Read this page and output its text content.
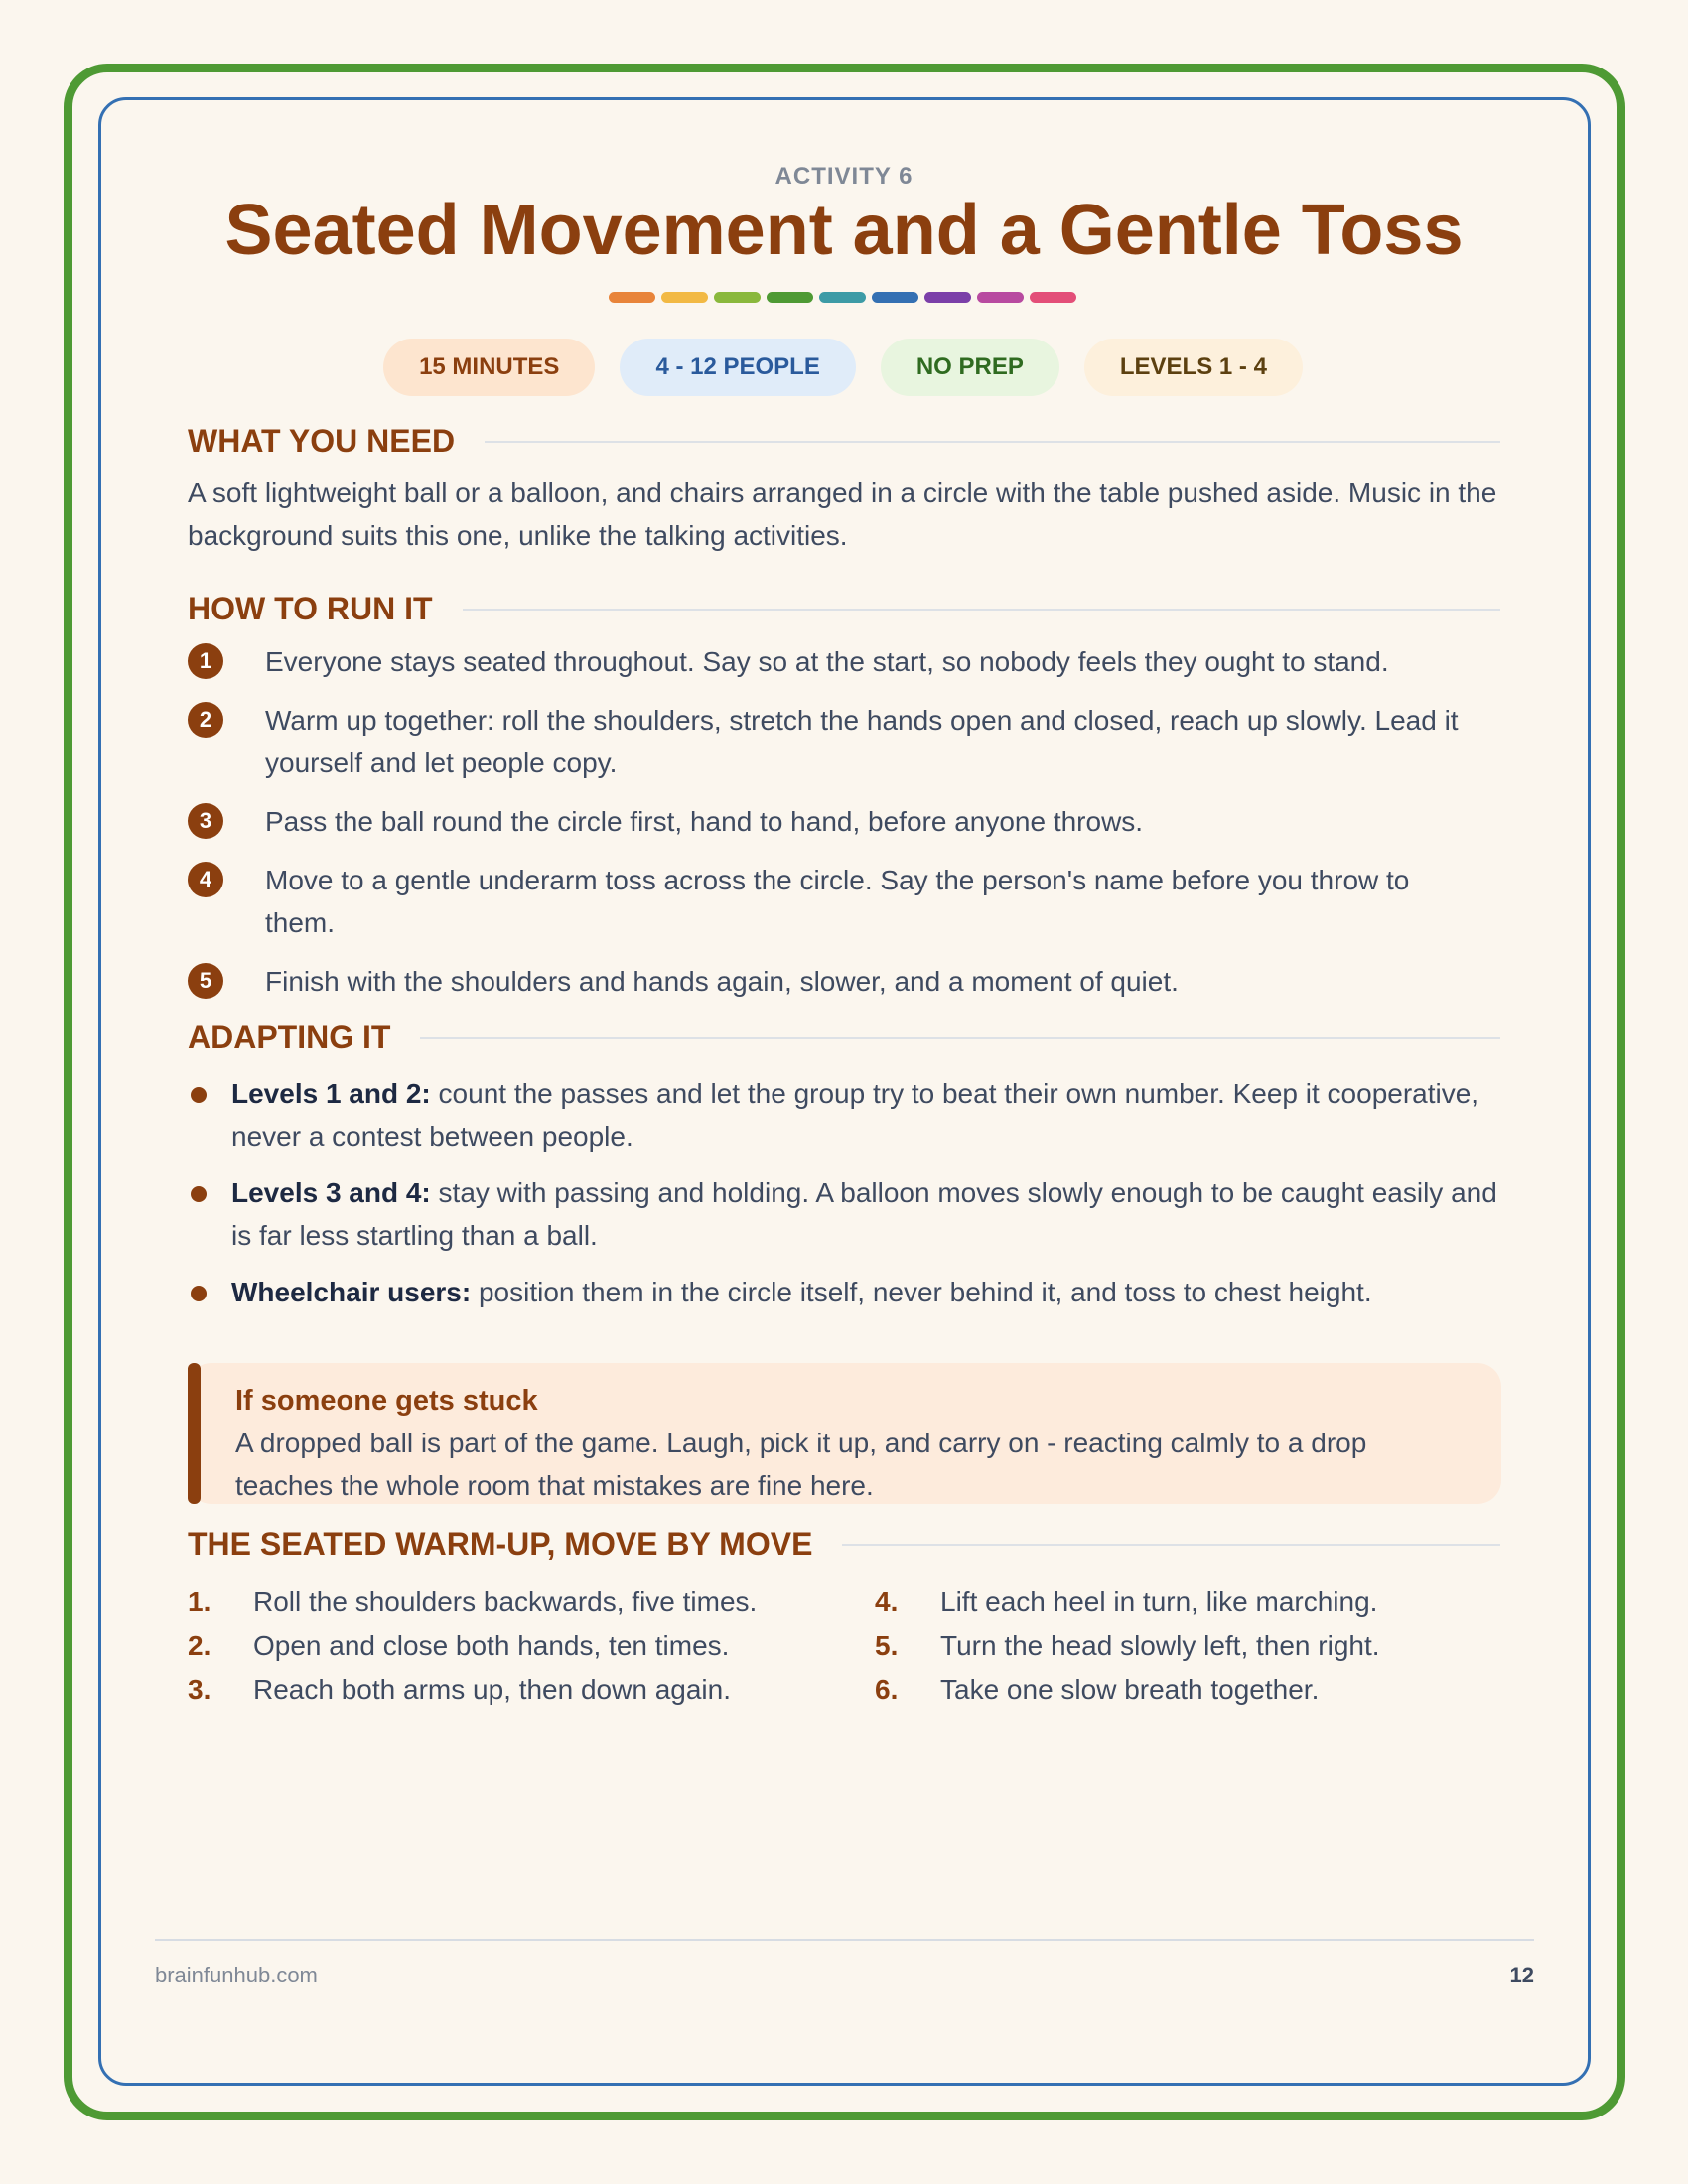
ACTIVITY 6
Seated Movement and a Gentle Toss
15 MINUTES	4 - 12 PEOPLE	NO PREP	LEVELS 1 - 4
WHAT YOU NEED
A soft lightweight ball or a balloon, and chairs arranged in a circle with the table pushed aside. Music in the background suits this one, unlike the talking activities.
HOW TO RUN IT
1	Everyone stays seated throughout. Say so at the start, so nobody feels they ought to stand.
2	Warm up together: roll the shoulders, stretch the hands open and closed, reach up slowly. Lead it yourself and let people copy.
3	Pass the ball round the circle first, hand to hand, before anyone throws.
4	Move to a gentle underarm toss across the circle. Say the person's name before you throw to them.
5	Finish with the shoulders and hands again, slower, and a moment of quiet.
ADAPTING IT
Levels 1 and 2: count the passes and let the group try to beat their own number. Keep it cooperative, never a contest between people.
Levels 3 and 4: stay with passing and holding. A balloon moves slowly enough to be caught easily and is far less startling than a ball.
Wheelchair users: position them in the circle itself, never behind it, and toss to chest height.
If someone gets stuck

A dropped ball is part of the game. Laugh, pick it up, and carry on - reacting calmly to a drop teaches the whole room that mistakes are fine here.

THE SEATED WARM-UP, MOVE BY MOVE
1.	Roll the shoulders backwards, five times.	4.	Lift each heel in turn, like marching.
2.	Open and close both hands, ten times.	5.	Turn the head slowly left, then right.
3.	Reach both arms up, then down again.	6.	Take one slow breath together.
brainfunhub.com	12
